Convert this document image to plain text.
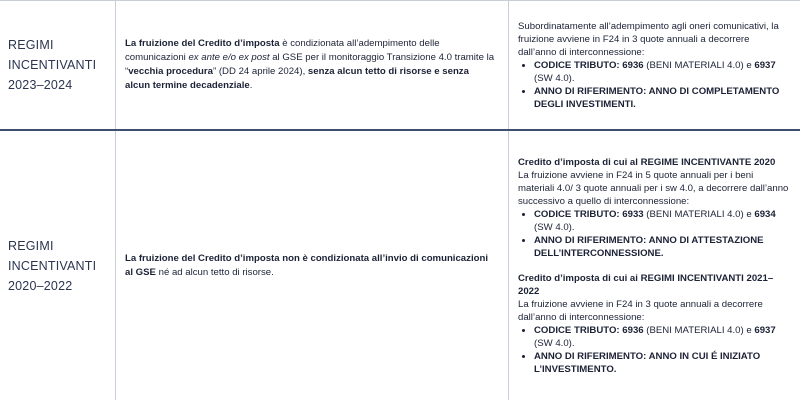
REGIMI
INCENTIVANTI
2023–2024

La fruizione del Credito d’imposta è condizionata all’adempimento delle comunicazioni ex ante e/o ex post al GSE per il monitoraggio Transizione 4.0 tramite la “vecchia procedura” (DD 24 aprile 2024), senza alcun tetto di risorse e senza alcun termine decadenziale.

Subordinatamente all’adempimento agli oneri comunicativi, la fruizione avviene in F24 in 3 quote annuali a decorrere dall’anno di interconnessione:

• CODICE TRIBUTO: 6936 (BENI MATERIALI 4.0) e 6937 (SW 4.0).
• ANNO DI RIFERIMENTO: ANNO DI COMPLETAMENTO DEGLI INVESTIMENTI.
REGIMI
INCENTIVANTI
2020–2022

La fruizione del Credito d’imposta non è condizionata all’invio di comunicazioni al GSE né ad alcun tetto di risorse.

Credito d’imposta di cui al REGIME INCENTIVANTE 2020

La fruizione avviene in F24 in 5 quote annuali per i beni materiali 4.0/ 3 quote annuali per i sw 4.0, a decorrere dall’anno successivo a quello di interconnessione:

• CODICE TRIBUTO: 6933 (BENI MATERIALI 4.0) e 6934 (SW 4.0).
• ANNO DI RIFERIMENTO: ANNO DI ATTESTAZIONE DELL’INTERCONNESSIONE.

Credito d’imposta di cui ai REGIMI INCENTIVANTI 2021–2022

La fruizione avviene in F24 in 3 quote annuali a decorrere dall’anno di interconnessione:

• CODICE TRIBUTO: 6936 (BENI MATERIALI 4.0) e 6937 (SW 4.0).
• ANNO DI RIFERIMENTO: ANNO IN CUI É INIZIATO L’INVESTIMENTO.
